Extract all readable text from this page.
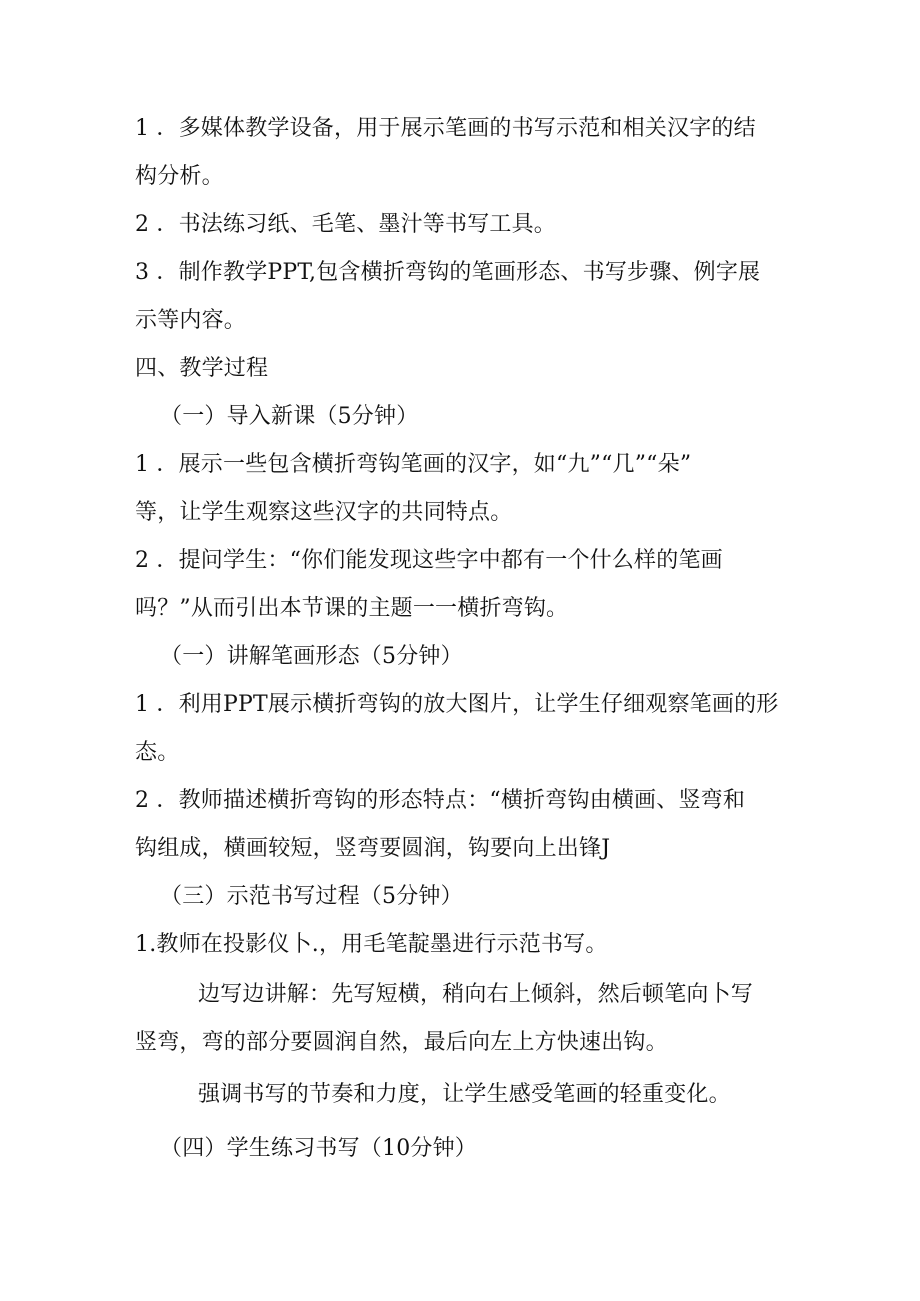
1 ．多媒体教学设备，用于展示笔画的书写示范和相关汉字的结
构分析。
2 ．书法练习纸、毛笔、墨汁等书写工具。
3 ．制作教学PPT,包含横折弯钩的笔画形态、书写步骤、例字展
示等内容。
四、教学过程
（一）导入新课（5分钟）
1 ．展示一些包含横折弯钩笔画的汉字，如“九”“几”“朵”
等，让学生观察这些汉字的共同特点。
2 ．提问学生：“你们能发现这些字中都有一个什么样的笔画
吗？”从而引出本节课的主题一一横折弯钩。
（一）讲解笔画形态（5分钟）
1 ．利用PPT展示横折弯钩的放大图片，让学生仔细观察笔画的形
态。
2 ．教师描述横折弯钩的形态特点：“横折弯钩由横画、竖弯和
钩组成，横画较短，竖弯要圆润，钩要向上出锋J
（三）示范书写过程（5分钟）
1.教师在投影仪卜.，用毛笔靛墨进行示范书写。
边写边讲解：先写短横，稍向右上倾斜，然后顿笔向卜写
竖弯，弯的部分要圆润自然，最后向左上方快速出钩。
强调书写的节奏和力度，让学生感受笔画的轻重变化。
（四）学生练习书写（10分钟）
